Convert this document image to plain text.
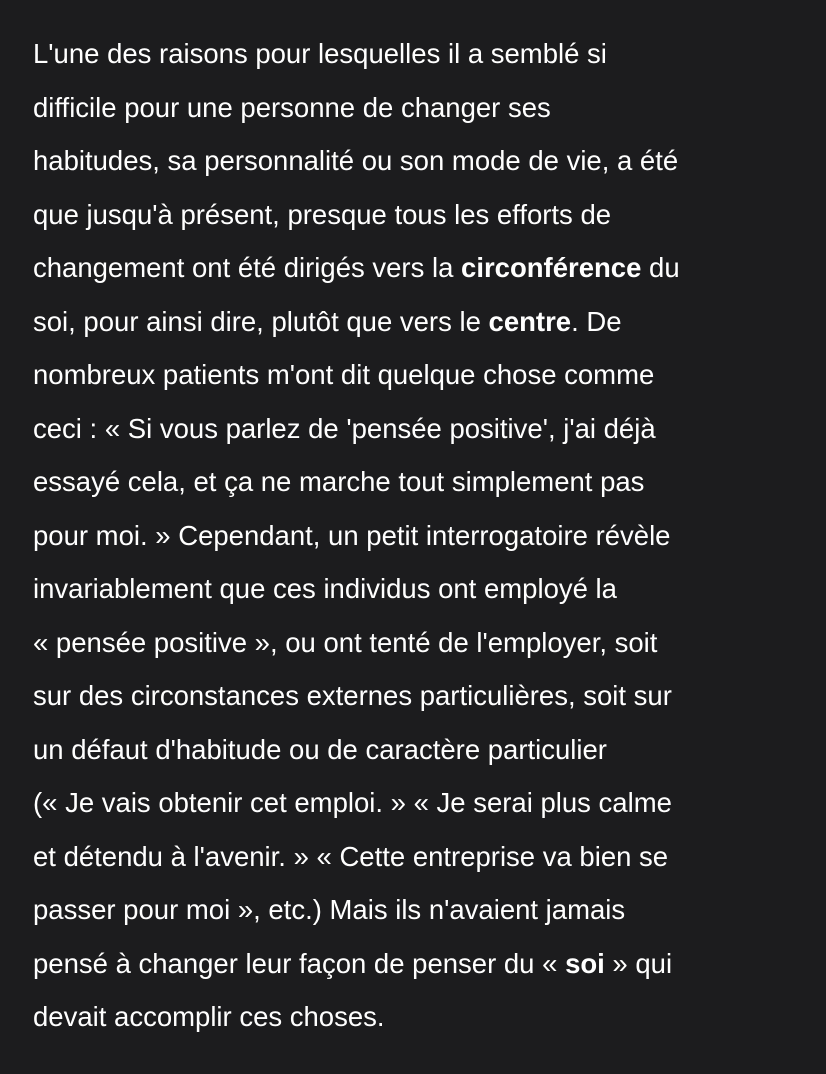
L'une des raisons pour lesquelles il a semblé si
difficile pour une personne de changer ses
habitudes, sa personnalité ou son mode de vie, a été
que jusqu'à présent, presque tous les efforts de
changement ont été dirigés vers la circonférence du
soi, pour ainsi dire, plutôt que vers le centre. De
nombreux patients m'ont dit quelque chose comme
ceci : « Si vous parlez de 'pensée positive', j'ai déjà
essayé cela, et ça ne marche tout simplement pas
pour moi. » Cependant, un petit interrogatoire révèle
invariablement que ces individus ont employé la
« pensée positive », ou ont tenté de l'employer, soit
sur des circonstances externes particulières, soit sur
un défaut d'habitude ou de caractère particulier
(« Je vais obtenir cet emploi. » « Je serai plus calme
et détendu à l'avenir. » « Cette entreprise va bien se
passer pour moi », etc.) Mais ils n'avaient jamais
pensé à changer leur façon de penser du « soi » qui
devait accomplir ces choses.
